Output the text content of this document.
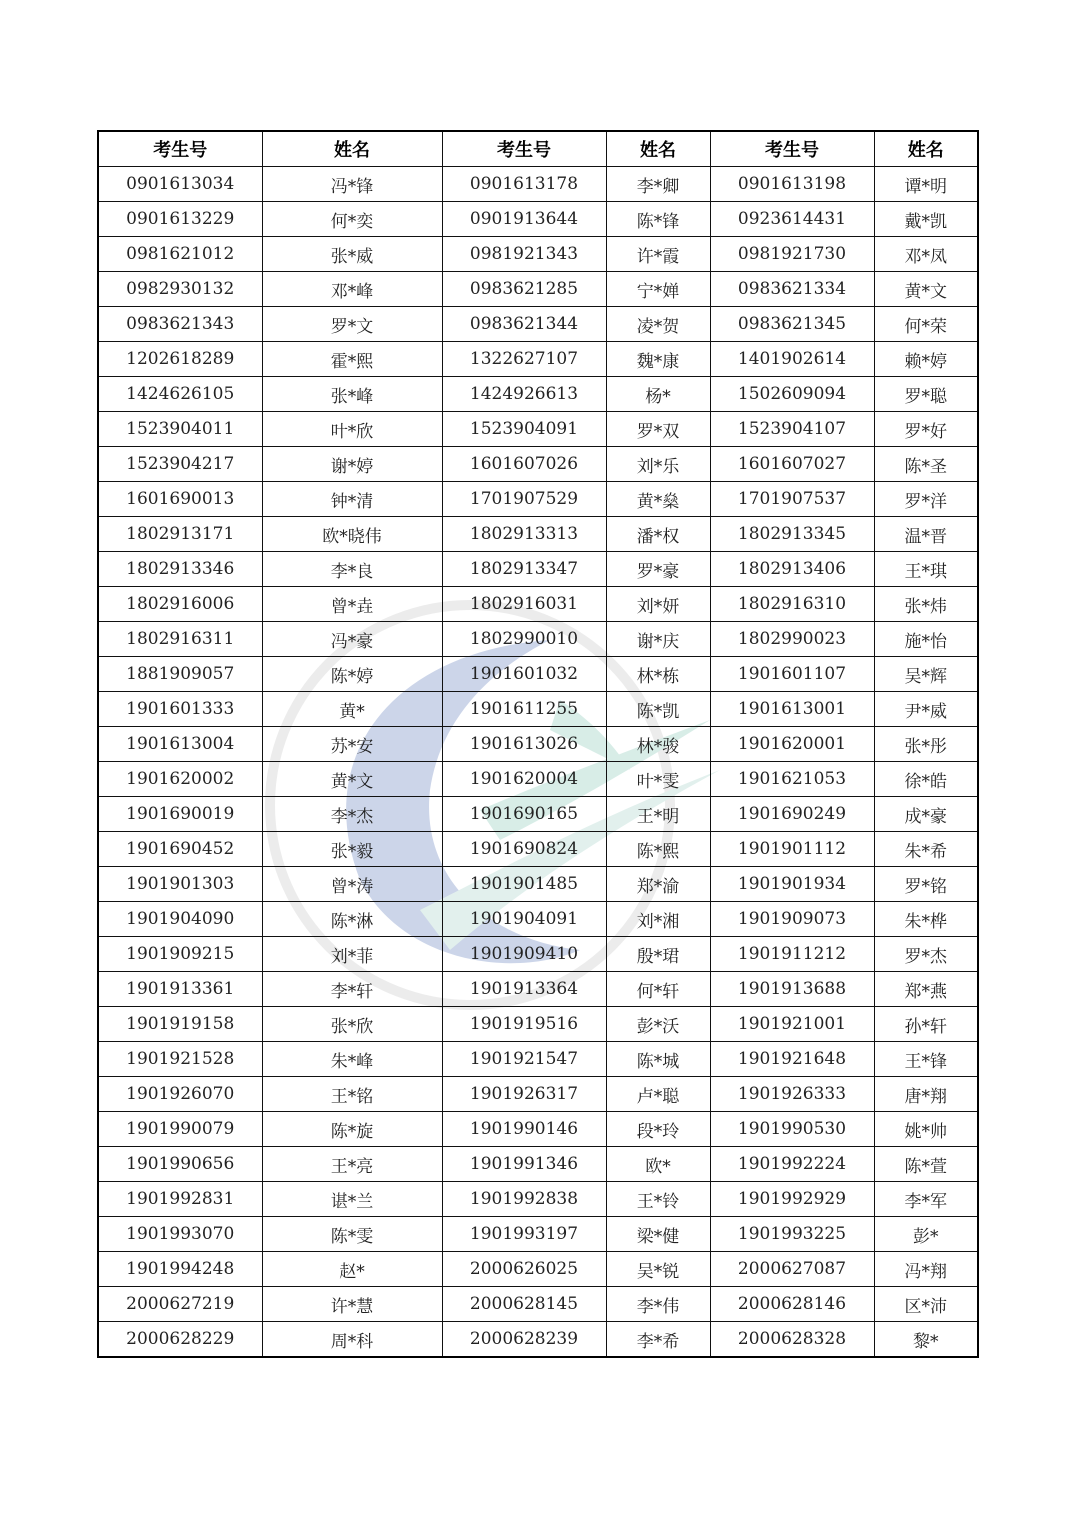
考生号	姓名	考生号	姓名	考生号	姓名
0901613034	冯*锋	0901613178	李*卿	0901613198	谭*明
0901613229	何*奕	0901913644	陈*锋	0923614431	戴*凯
0981621012	张*威	0981921343	许*霞	0981921730	邓*凤
0982930132	邓*峰	0983621285	宁*婵	0983621334	黄*文
0983621343	罗*文	0983621344	凌*贺	0983621345	何*荣
1202618289	霍*熙	1322627107	魏*康	1401902614	赖*婷
1424626105	张*峰	1424926613	杨*	1502609094	罗*聪
1523904011	叶*欣	1523904091	罗*双	1523904107	罗*好
1523904217	谢*婷	1601607026	刘*乐	1601607027	陈*圣
1601690013	钟*清	1701907529	黄*燊	1701907537	罗*洋
1802913171	欧*晓伟	1802913313	潘*权	1802913345	温*晋
1802913346	李*良	1802913347	罗*豪	1802913406	王*琪
1802916006	曾*垚	1802916031	刘*妍	1802916310	张*炜
1802916311	冯*豪	1802990010	谢*庆	1802990023	施*怡
1881909057	陈*婷	1901601032	林*栋	1901601107	吴*辉
1901601333	黄*	1901611255	陈*凯	1901613001	尹*威
1901613004	苏*安	1901613026	林*骏	1901620001	张*彤
1901620002	黄*文	1901620004	叶*雯	1901621053	徐*皓
1901690019	李*杰	1901690165	王*明	1901690249	成*豪
1901690452	张*毅	1901690824	陈*熙	1901901112	朱*希
1901901303	曾*涛	1901901485	郑*渝	1901901934	罗*铭
1901904090	陈*淋	1901904091	刘*湘	1901909073	朱*桦
1901909215	刘*菲	1901909410	殷*珺	1901911212	罗*杰
1901913361	李*轩	1901913364	何*轩	1901913688	郑*燕
1901919158	张*欣	1901919516	彭*沃	1901921001	孙*轩
1901921528	朱*峰	1901921547	陈*城	1901921648	王*锋
1901926070	王*铭	1901926317	卢*聪	1901926333	唐*翔
1901990079	陈*旋	1901990146	段*玲	1901990530	姚*帅
1901990656	王*亮	1901991346	欧*	1901992224	陈*萱
1901992831	谌*兰	1901992838	王*铃	1901992929	李*军
1901993070	陈*雯	1901993197	梁*健	1901993225	彭*
1901994248	赵*	2000626025	吴*锐	2000627087	冯*翔
2000627219	许*慧	2000628145	李*伟	2000628146	区*沛
2000628229	周*科	2000628239	李*希	2000628328	黎*
